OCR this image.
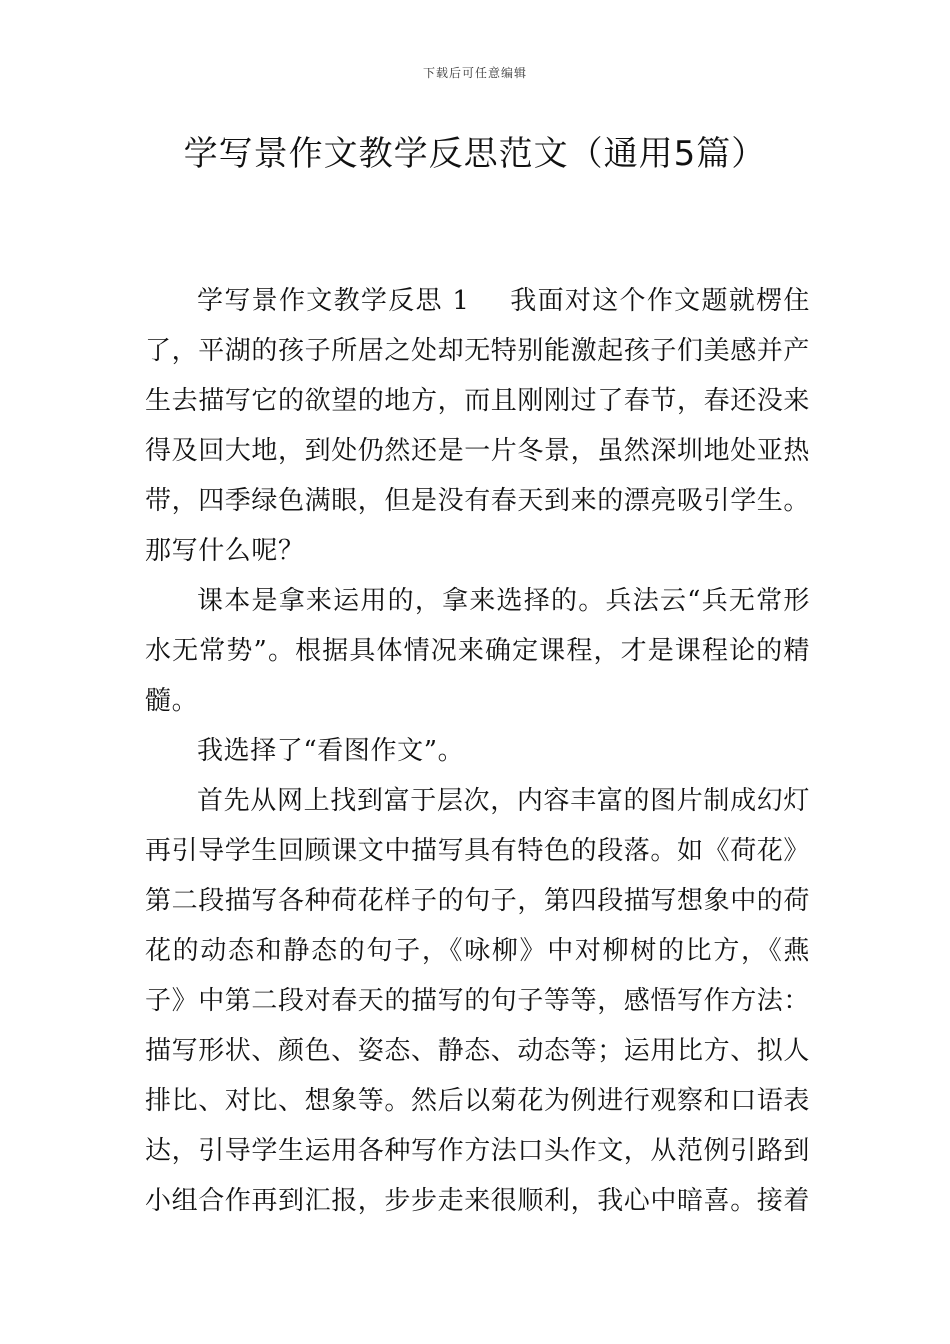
下载后可任意编辑
学写景作文教学反思范文（通用5篇）

学写景作文教学反思 1 我面对这个作文题就楞住了，平湖的孩子所居之处却无特别能激起孩子们美感并产生去描写它的欲望的地方，而且刚刚过了春节，春还没来得及回大地，到处仍然还是一片冬景，虽然深圳地处亚热带，四季绿色满眼，但是没有春天到来的漂亮吸引学生。那写什么呢？

课本是拿来运用的，拿来选择的。兵法云“兵无常形水无常势”。根据具体情况来确定课程，才是课程论的精髓。

我选择了“看图作文”。

首先从网上找到富于层次，内容丰富的图片制成幻灯再引导学生回顾课文中描写具有特色的段落。如《荷花》第二段描写各种荷花样子的句子，第四段描写想象中的荷花的动态和静态的句子，《咏柳》中对柳树的比方，《燕子》中第二段对春天的描写的句子等等，感悟写作方法：描写形状、颜色、姿态、静态、动态等；运用比方、拟人排比、对比、想象等。然后以菊花为例进行观察和口语表达，引导学生运用各种写作方法口头作文，从范例引路到小组合作再到汇报，步步走来很顺利，我心中暗喜。接着
